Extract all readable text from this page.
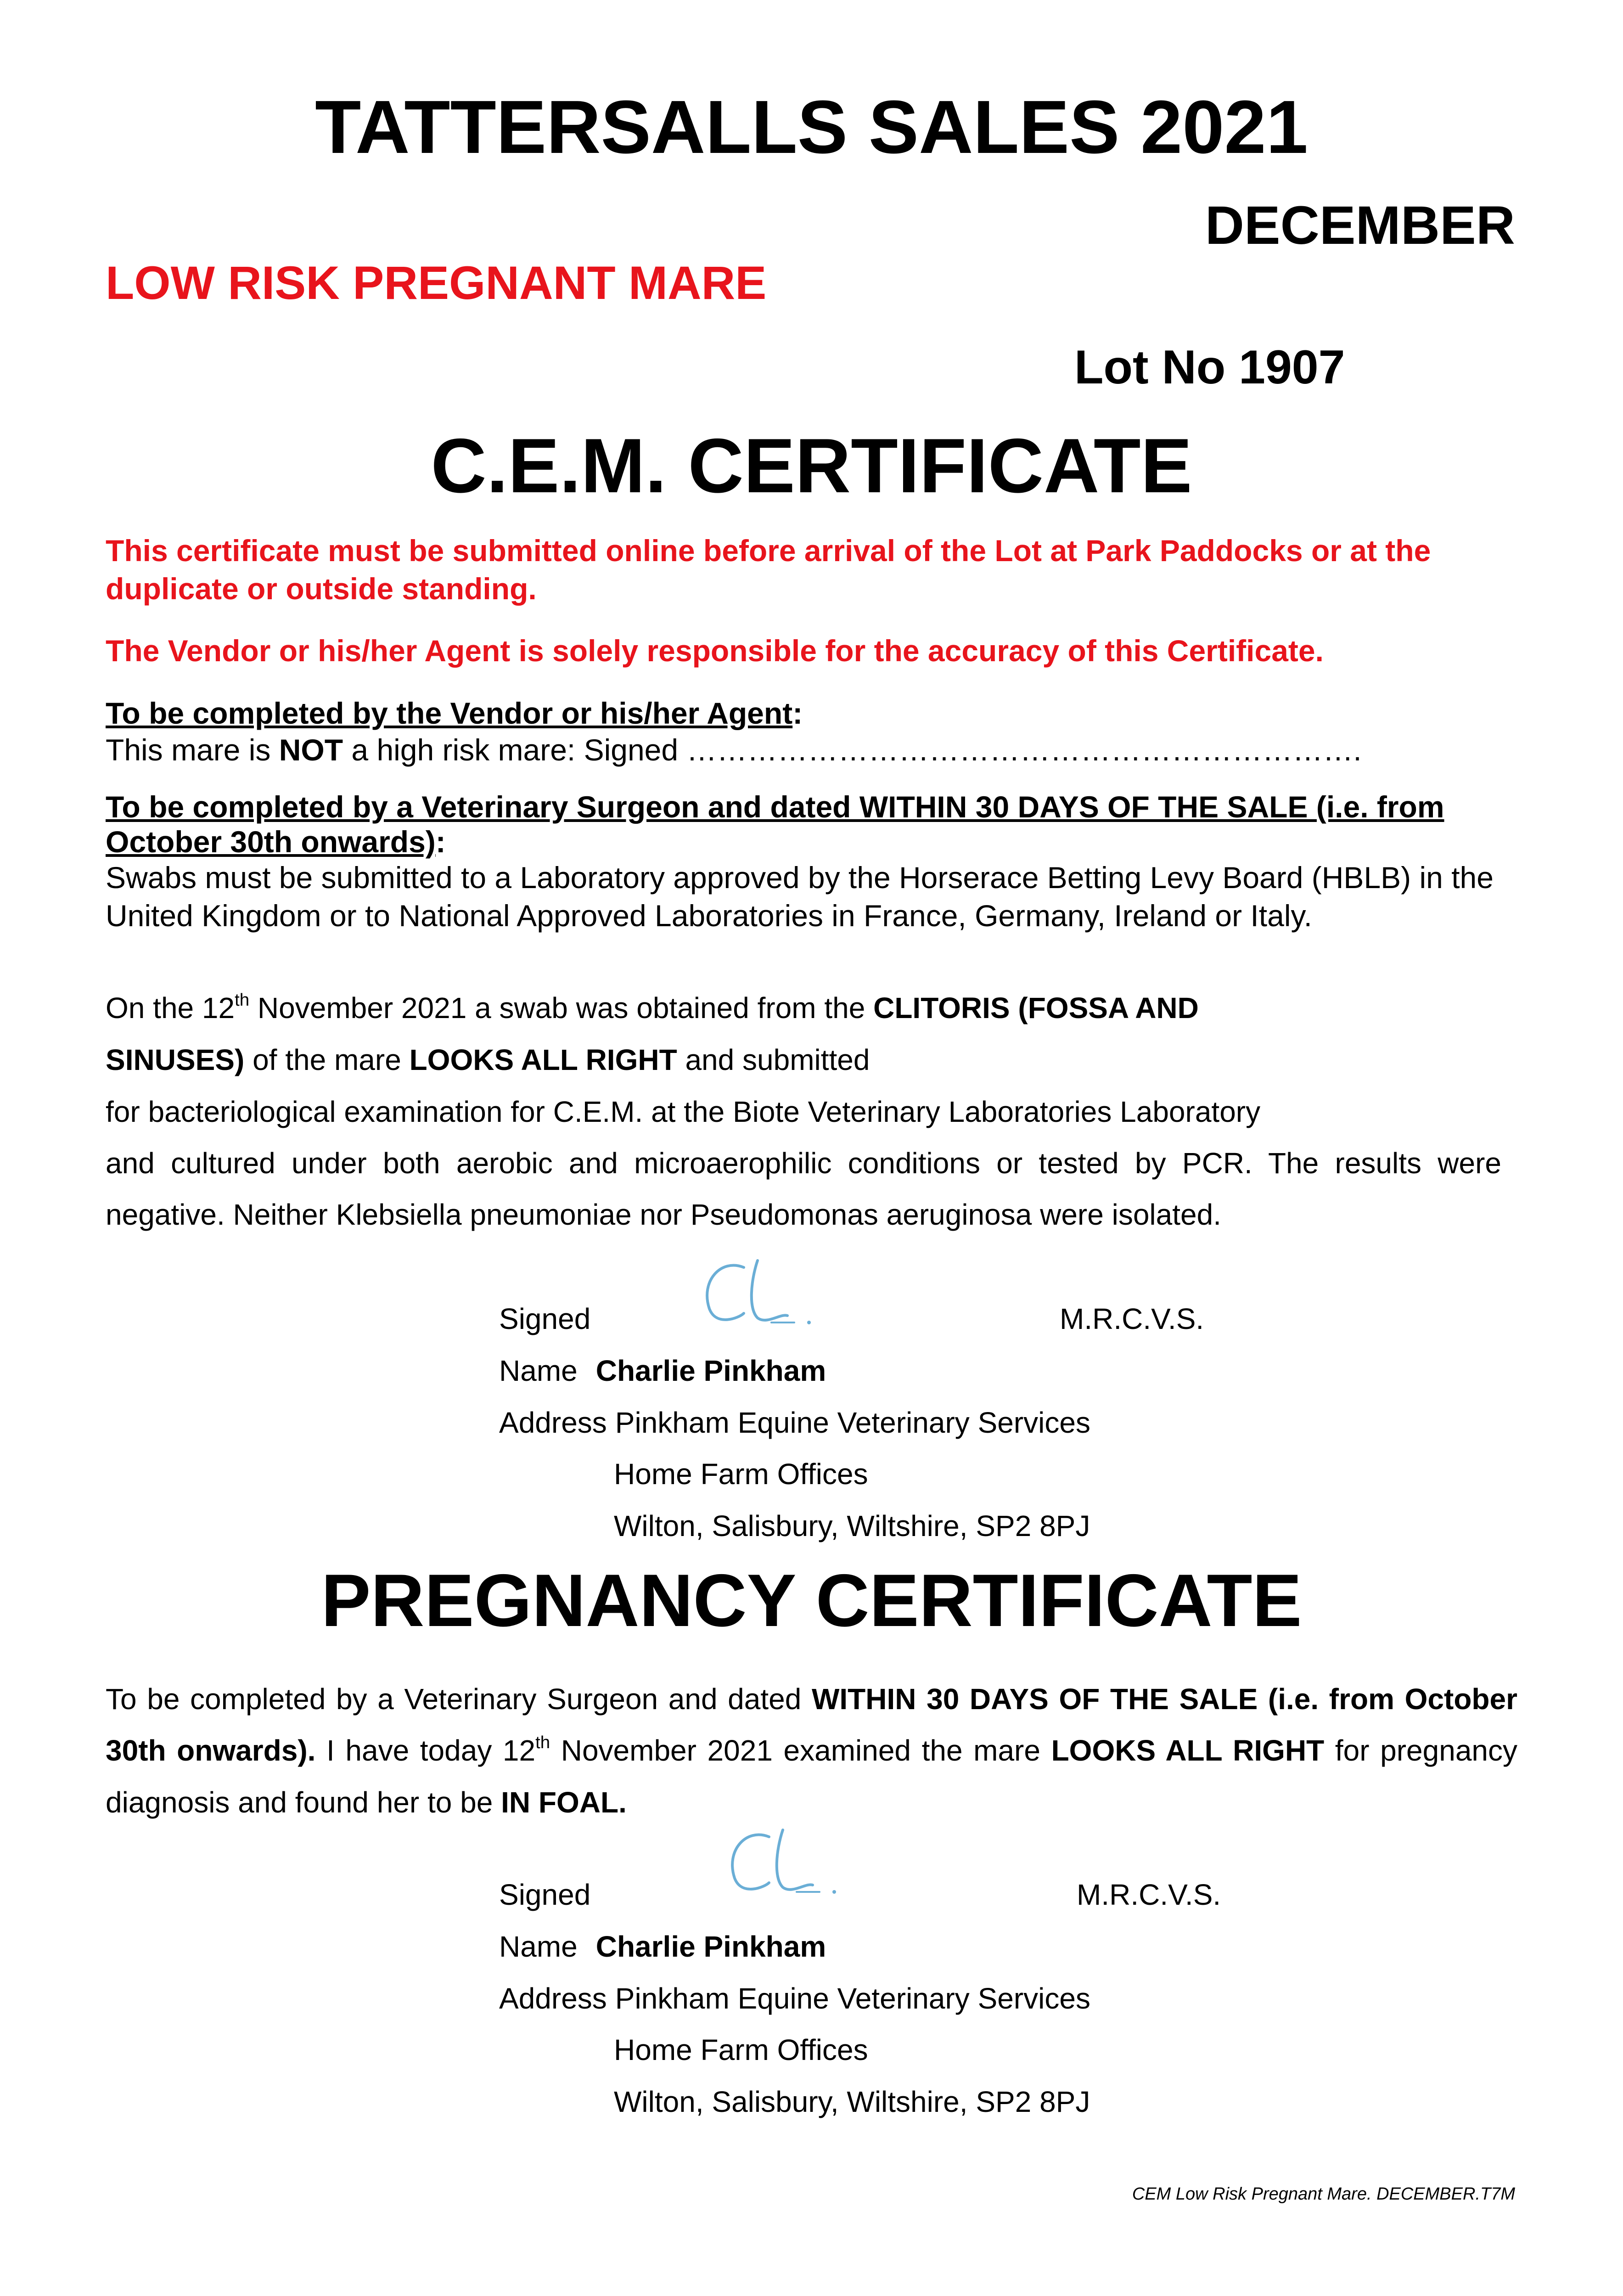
TATTERSALLS SALES 2021
DECEMBER
LOW RISK PREGNANT MARE
Lot No 1907
C.E.M. CERTIFICATE
This certificate must be submitted online before arrival of the Lot at Park Paddocks or at the duplicate or outside standing.
The Vendor or his/her Agent is solely responsible for the accuracy of this Certificate.
To be completed by the Vendor or his/her Agent:
This mare is NOT a high risk mare: Signed ………………………………………………………….
To be completed by a Veterinary Surgeon and dated WITHIN 30 DAYS OF THE SALE (i.e. from October 30th onwards):
Swabs must be submitted to a Laboratory approved by the Horserace Betting Levy Board (HBLB) in the United Kingdom or to National Approved Laboratories in France, Germany, Ireland or Italy.
On the 12th November 2021 a swab was obtained from the CLITORIS (FOSSA AND
SINUSES) of the mare LOOKS ALL RIGHT and submitted
for bacteriological examination for C.E.M. at the Biote Veterinary Laboratories Laboratory
and cultured under both aerobic and microaerophilic conditions or tested by PCR. The results were
negative. Neither Klebsiella pneumoniae nor Pseudomonas aeruginosa were isolated.
Signed	M.R.C.V.S.
Name Charlie Pinkham
Address Pinkham Equine Veterinary Services
Home Farm Offices
Wilton, Salisbury, Wiltshire, SP2 8PJ
PREGNANCY CERTIFICATE
To be completed by a Veterinary Surgeon and dated WITHIN 30 DAYS OF THE SALE (i.e. from October
30th onwards). I have today 12th November 2021 examined the mare LOOKS ALL RIGHT for pregnancy
diagnosis and found her to be IN FOAL.
Signed	M.R.C.V.S.
Name Charlie Pinkham
Address Pinkham Equine Veterinary Services
Home Farm Offices
Wilton, Salisbury, Wiltshire, SP2 8PJ
CEM Low Risk Pregnant Mare. DECEMBER.T7M
